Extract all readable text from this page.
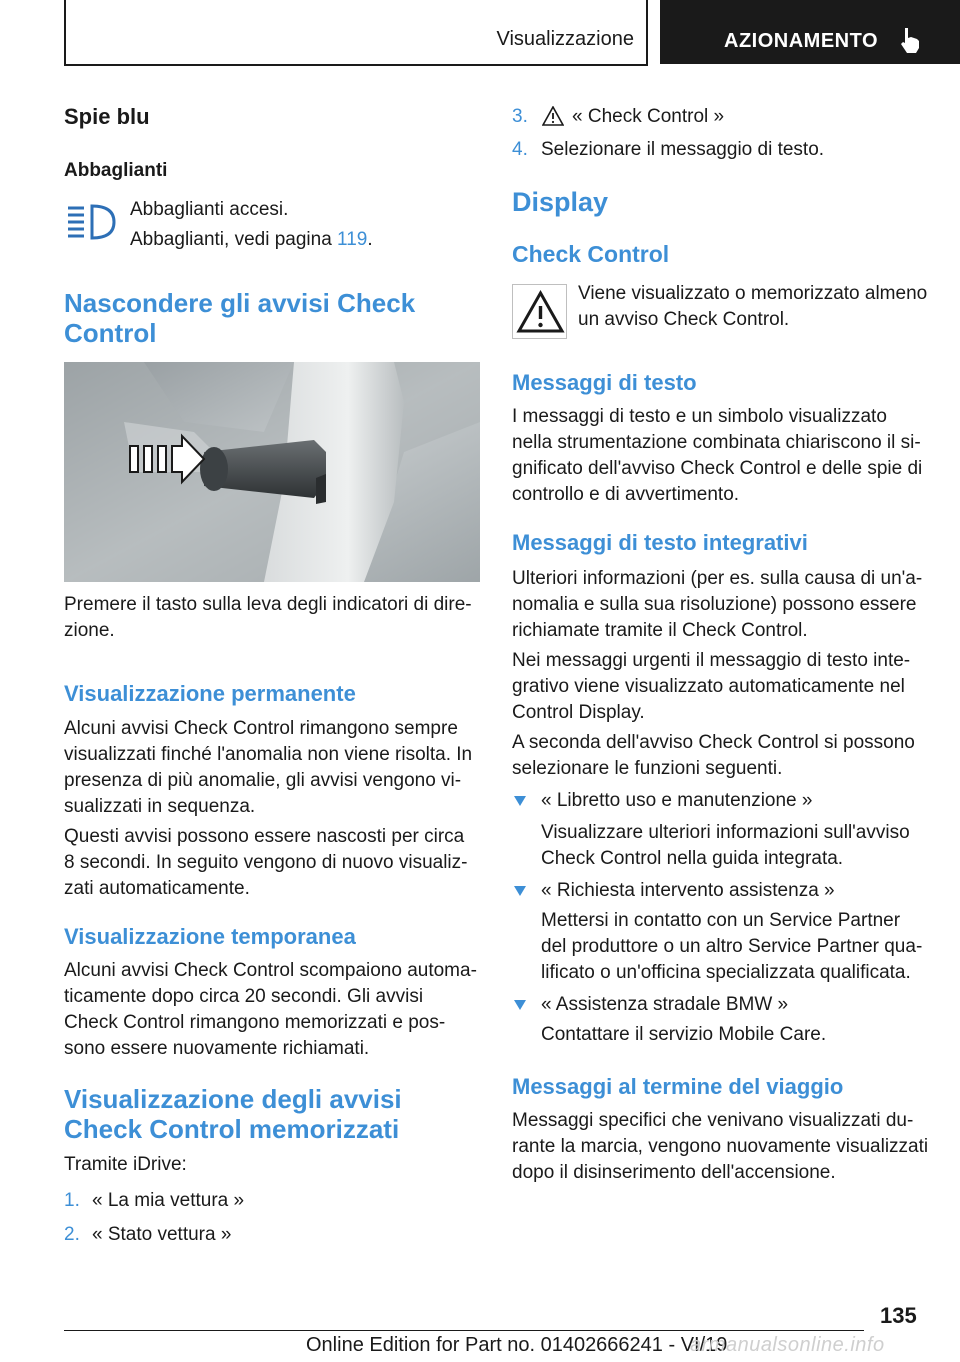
Visualizzazione	AZIONAMENTO
Spie blu
Abbaglianti
Abbaglianti accesi.
Abbaglianti, vedi pagina 119.
Nascondere gli avvisi Check
Control
Premere il tasto sulla leva degli indicatori di dire-
zione.
Visualizzazione permanente
Alcuni avvisi Check Control rimangono sempre
visualizzati finché l'anomalia non viene risolta. In
presenza di più anomalie, gli avvisi vengono vi-
sualizzati in sequenza.
Questi avvisi possono essere nascosti per circa
8 secondi. In seguito vengono di nuovo visualiz-
zati automaticamente.
Visualizzazione temporanea
Alcuni avvisi Check Control scompaiono automa-
ticamente dopo circa 20 secondi. Gli avvisi
Check Control rimangono memorizzati e pos-
sono essere nuovamente richiamati.
Visualizzazione degli avvisi
Check Control memorizzati
Tramite iDrive:
1. « La mia vettura »
2. « Stato vettura »
3. « Check Control »
4. Selezionare il messaggio di testo.
Display
Check Control
Viene visualizzato o memorizzato almeno
un avviso Check Control.
Messaggi di testo
I messaggi di testo e un simbolo visualizzato
nella strumentazione combinata chiariscono il si-
gnificato dell'avviso Check Control e delle spie di
controllo e di avvertimento.
Messaggi di testo integrativi
Ulteriori informazioni (per es. sulla causa di un'a-
nomalia e sulla sua risoluzione) possono essere
richiamate tramite il Check Control.
Nei messaggi urgenti il messaggio di testo inte-
grativo viene visualizzato automaticamente nel
Control Display.
A seconda dell'avviso Check Control si possono
selezionare le funzioni seguenti.
« Libretto uso e manutenzione »
Visualizzare ulteriori informazioni sull'avviso
Check Control nella guida integrata.
« Richiesta intervento assistenza »
Mettersi in contatto con un Service Partner
del produttore o un altro Service Partner qua-
lificato o un'officina specializzata qualificata.
« Assistenza stradale BMW »
Contattare il servizio Mobile Care.
Messaggi al termine del viaggio
Messaggi specifici che venivano visualizzati du-
rante la marcia, vengono nuovamente visualizzati
dopo il disinserimento dell'accensione.
135
Online Edition for Part no. 01402666241 - VI/19
armanualsonline.info
